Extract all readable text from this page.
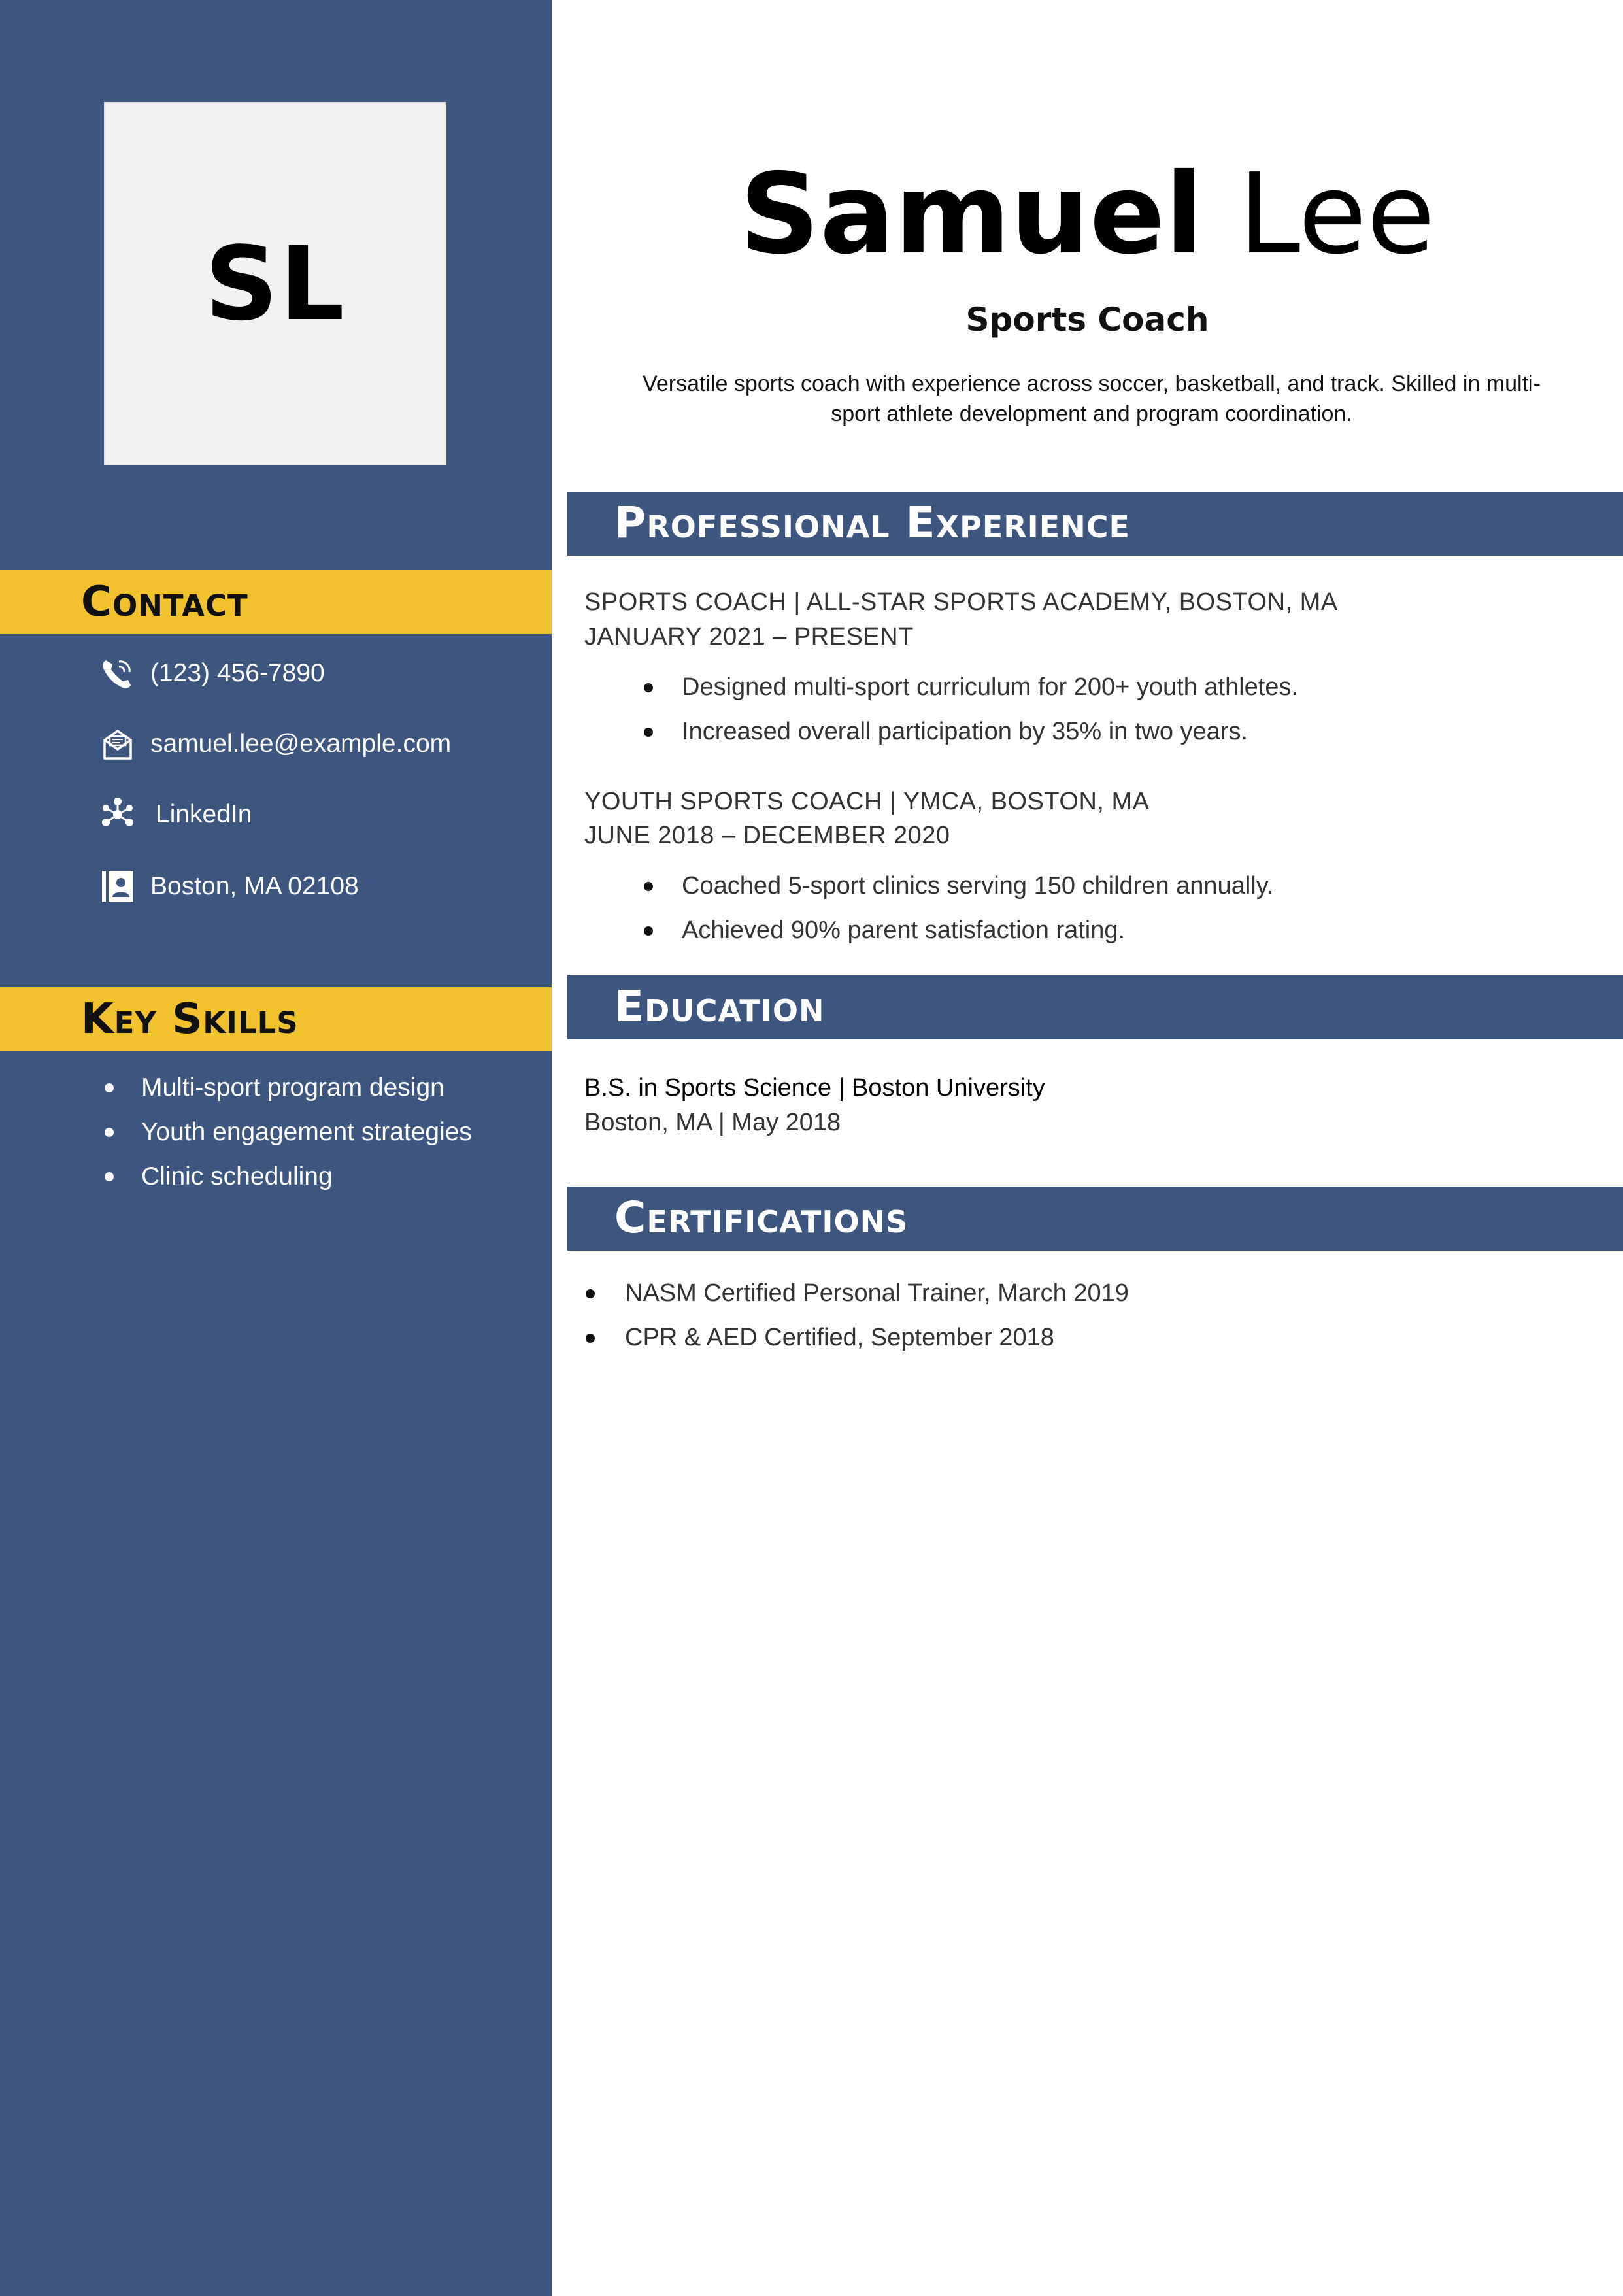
SL
Contact
(123) 456-7890
samuel.lee@example.com
LinkedIn
Boston, MA 02108
Key Skills
Multi-sport program design
Youth engagement strategies
Clinic scheduling
Samuel Lee
Sports Coach
Versatile sports coach with experience across soccer, basketball, and track. Skilled in multi-sport athlete development and program coordination.
Professional Experience
SPORTS COACH | ALL-STAR SPORTS ACADEMY, BOSTON, MA
JANUARY 2021 – PRESENT
Designed multi-sport curriculum for 200+ youth athletes.
Increased overall participation by 35% in two years.
YOUTH SPORTS COACH | YMCA, BOSTON, MA
JUNE 2018 – DECEMBER 2020
Coached 5-sport clinics serving 150 children annually.
Achieved 90% parent satisfaction rating.
Education
B.S. in Sports Science | Boston University
Boston, MA | May 2018
Certifications
NASM Certified Personal Trainer, March 2019
CPR & AED Certified, September 2018
